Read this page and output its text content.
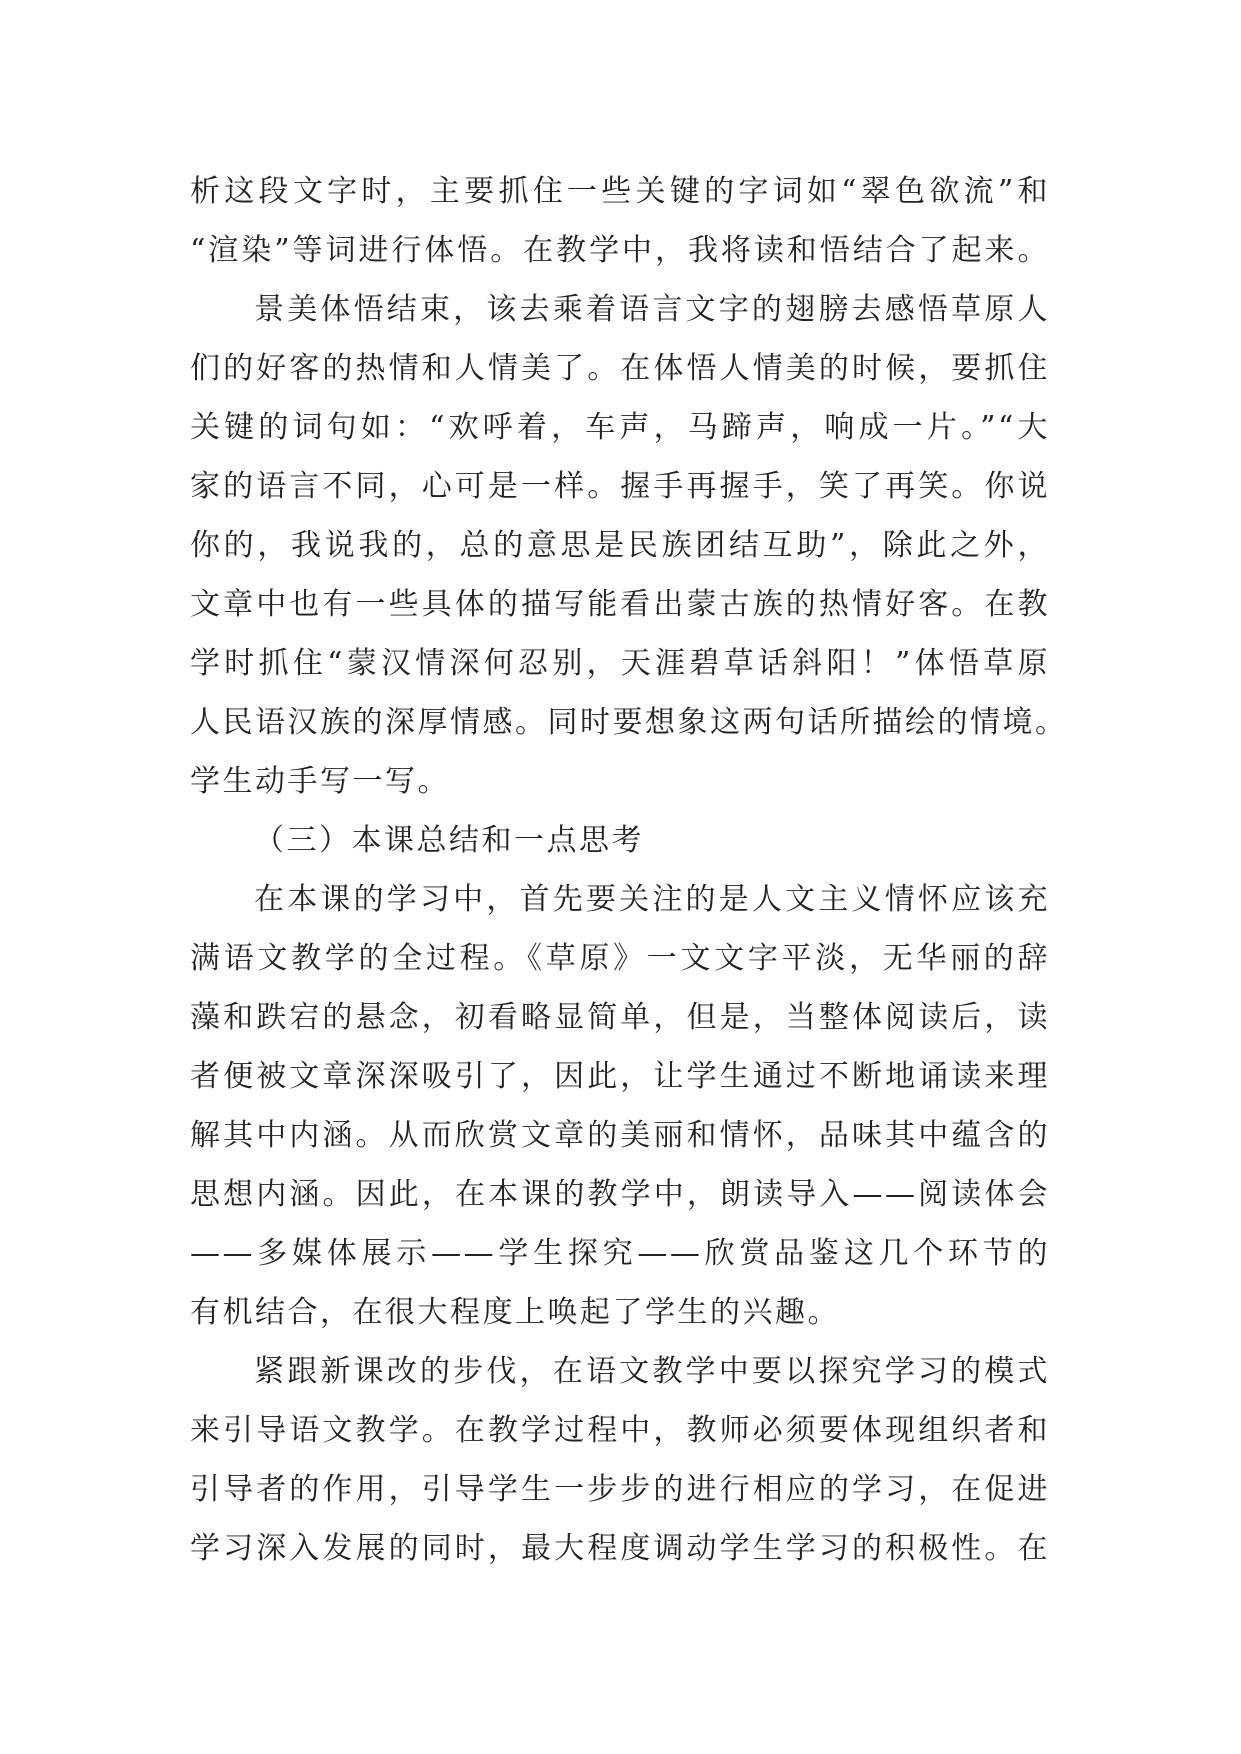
析这段文字时，主要抓住一些关键的字词如“翠色欲流”和
“渲染”等词进行体悟。在教学中，我将读和悟结合了起来。
景美体悟结束，该去乘着语言文字的翅膀去感悟草原人
们的好客的热情和人情美了。在体悟人情美的时候，要抓住
关键的词句如：“欢呼着，车声，马蹄声，响成一片。”“大
家的语言不同，心可是一样。握手再握手，笑了再笑。你说
你的，我说我的，总的意思是民族团结互助”，除此之外，
文章中也有一些具体的描写能看出蒙古族的热情好客。在教
学时抓住“蒙汉情深何忍别，天涯碧草话斜阳！”体悟草原
人民语汉族的深厚情感。同时要想象这两句话所描绘的情境。
学生动手写一写。
（三）本课总结和一点思考
在本课的学习中，首先要关注的是人文主义情怀应该充
满语文教学的全过程。《草原》一文文字平淡，无华丽的辞
藻和跌宕的悬念，初看略显简单，但是，当整体阅读后，读
者便被文章深深吸引了，因此，让学生通过不断地诵读来理
解其中内涵。从而欣赏文章的美丽和情怀，品味其中蕴含的
思想内涵。因此，在本课的教学中，朗读导入——阅读体会
——多媒体展示——学生探究——欣赏品鉴这几个环节的
有机结合，在很大程度上唤起了学生的兴趣。
紧跟新课改的步伐，在语文教学中要以探究学习的模式
来引导语文教学。在教学过程中，教师必须要体现组织者和
引导者的作用，引导学生一步步的进行相应的学习，在促进
学习深入发展的同时，最大程度调动学生学习的积极性。在
